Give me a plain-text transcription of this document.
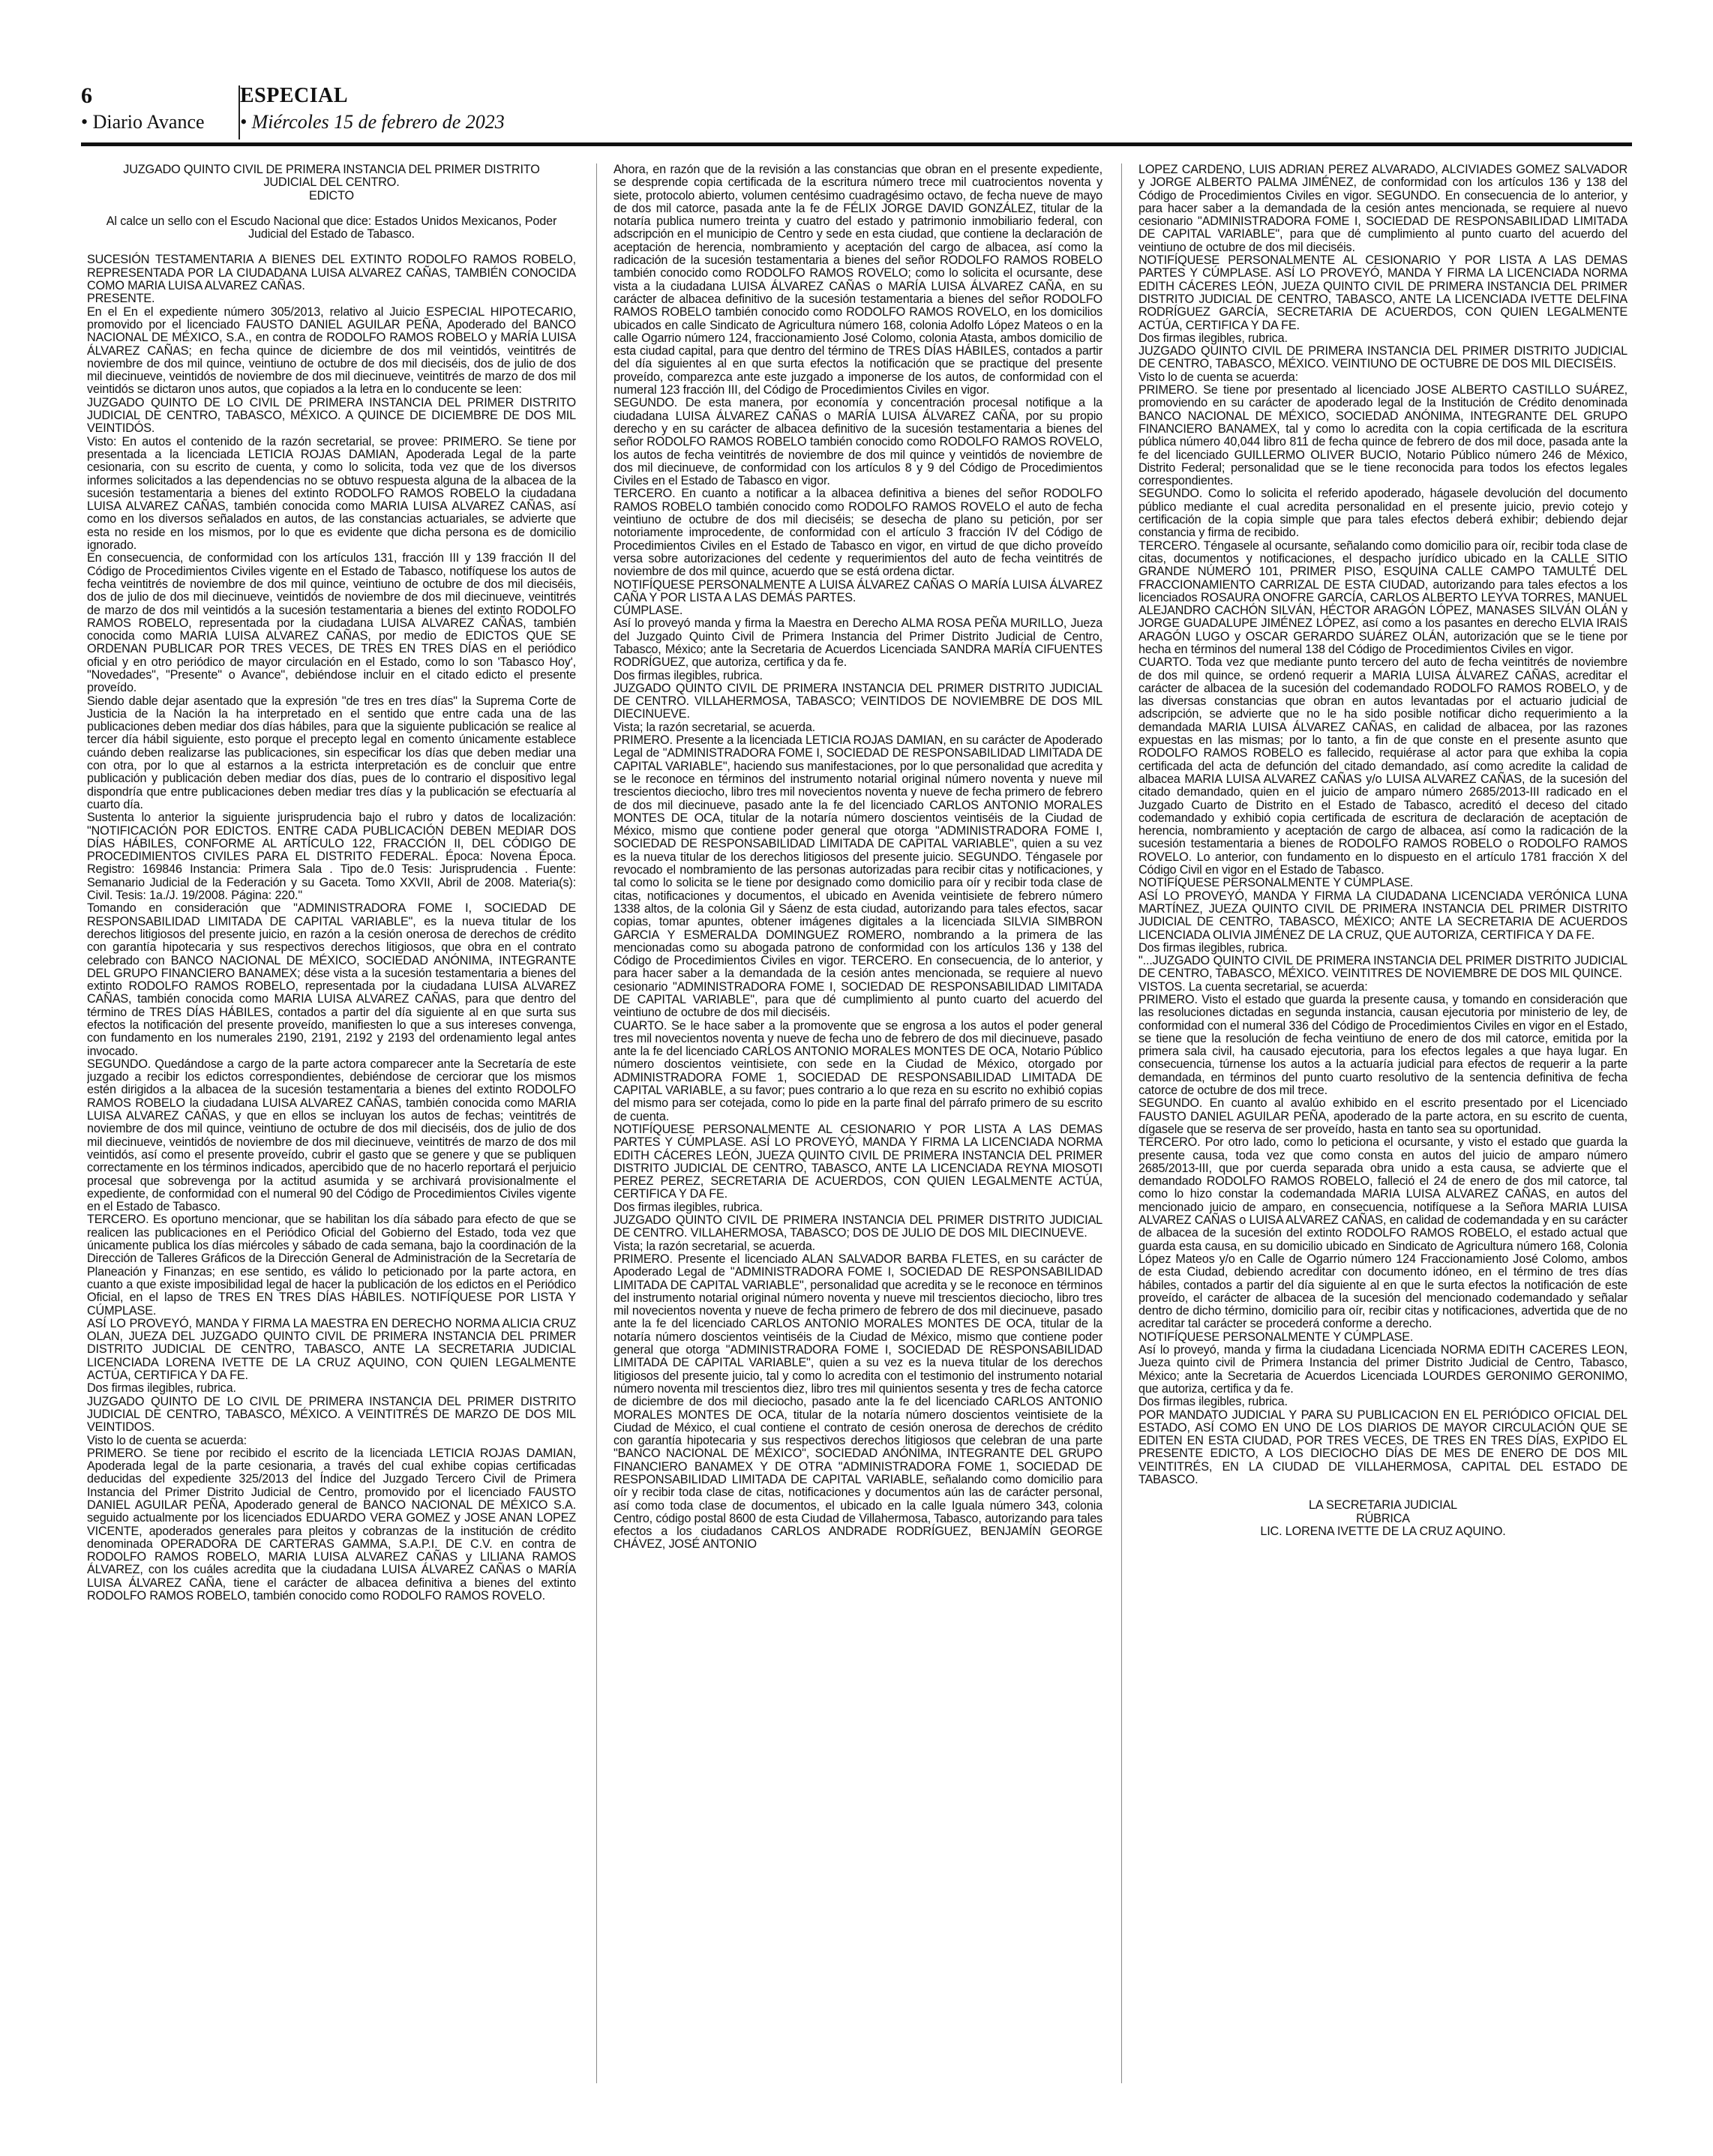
6
• Diario Avance
ESPECIAL
• Miércoles 15 de febrero de 2023

JUZGADO QUINTO CIVIL DE PRIMERA INSTANCIA DEL PRIMER DISTRITO

JUDICIAL DEL CENTRO.

EDICTO

Al calce un sello con el Escudo Nacional que dice: Estados Unidos Mexicanos, Poder Judicial del Estado de Tabasco.

SUCESIÓN TESTAMENTARIA A BIENES DEL EXTINTO RODOLFO RAMOS ROBELO, REPRESENTADA POR LA CIUDADANA LUISA ALVAREZ CAÑAS, TAMBIÉN CONOCIDA COMO MARIA LUISA ALVAREZ CAÑAS.

PRESENTE.

En el En el expediente número 305/2013, relativo al Juicio ESPECIAL HIPOTECARIO, promovido por el licenciado FAUSTO DANIEL AGUILAR PEÑA, Apoderado del BANCO NACIONAL DE MÉXICO, S.A., en contra de RODOLFO RAMOS ROBELO y MARÍA LUISA ÁLVAREZ CAÑAS; en fecha quince de diciembre de dos mil veintidós, veintitrés de noviembre de dos mil quince, veintiuno de octubre de dos mil dieciséis, dos de julio de dos mil diecinueve, veintidós de noviembre de dos mil diecinueve, veintitrés de marzo de dos mil veintidós se dictaron unos autos, que copiados a la letra en lo conducente se leen:

JUZGADO QUINTO DE LO CIVIL DE PRIMERA INSTANCIA DEL PRIMER DISTRITO JUDICIAL DE CENTRO, TABASCO, MÉXICO. A QUINCE DE DICIEMBRE DE DOS MIL VEINTIDÓS.

Visto: En autos el contenido de la razón secretarial, se provee: PRIMERO. Se tiene por presentada a la licenciada LETICIA ROJAS DAMIAN, Apoderada Legal de la parte cesionaria, con su escrito de cuenta, y como lo solicita, toda vez que de los diversos informes solicitados a las dependencias no se obtuvo respuesta alguna de la albacea de la sucesión testamentaria a bienes del extinto RODOLFO RAMOS ROBELO la ciudadana LUISA ALVAREZ CAÑAS, también conocida como MARIA LUISA ALVAREZ CAÑAS, así como en los diversos señalados en autos, de las constancias actuariales, se advierte que esta no reside en los mismos, por lo que es evidente que dicha persona es de domicilio ignorado.

En consecuencia, de conformidad con los artículos 131, fracción III y 139 fracción II del Código de Procedimientos Civiles vigente en el Estado de Tabasco, notifíquese los autos de fecha veintitrés de noviembre de dos mil quince, veintiuno de octubre de dos mil dieciséis, dos de julio de dos mil diecinueve, veintidós de noviembre de dos mil diecinueve, veintitrés de marzo de dos mil veintidós a la sucesión testamentaria a bienes del extinto RODOLFO RAMOS ROBELO, representada por la ciudadana LUISA ALVAREZ CAÑAS, también conocida como MARIA LUISA ALVAREZ CAÑAS, por medio de EDICTOS QUE SE ORDENAN PUBLICAR POR TRES VECES, DE TRES EN TRES DÍAS en el periódico oficial y en otro periódico de mayor circulación en el Estado, como lo son 'Tabasco Hoy', "Novedades", "Presente" o Avance", debiéndose incluir en el citado edicto el presente proveído.

Siendo dable dejar asentado que la expresión "de tres en tres días" la Suprema Corte de Justicia de la Nación la ha interpretado en el sentido que entre cada una de las publicaciones deben mediar dos días hábiles, para que la siguiente publicación se realice al tercer día hábil siguiente, esto porque el precepto legal en comento únicamente establece cuándo deben realizarse las publicaciones, sin especificar los días que deben mediar una con otra, por lo que al estarnos a la estricta interpretación es de concluir que entre publicación y publicación deben mediar dos días, pues de lo contrario el dispositivo legal dispondría que entre publicaciones deben mediar tres días y la publicación se efectuaría al cuarto día.

Sustenta lo anterior la siguiente jurisprudencia bajo el rubro y datos de localización: "NOTIFICACIÓN POR EDICTOS. ENTRE CADA PUBLICACIÓN DEBEN MEDIAR DOS DÍAS HÁBILES, CONFORME AL ARTÍCULO 122, FRACCIÓN II, DEL CÓDIGO DE PROCEDIMIENTOS CIVILES PARA EL DISTRITO FEDERAL. Época: Novena Época. Registro: 169846 Instancia: Primera Sala . Tipo de.0 Tesis: Jurisprudencia . Fuente: Semanario Judicial de la Federación y su Gaceta. Tomo XXVII, Abril de 2008. Materia(s): Civil. Tesis: 1a./J. 19/2008. Página: 220."

Tomando en consideración que "ADMINISTRADORA FOME I, SOCIEDAD DE RESPONSABILIDAD LIMITADA DE CAPITAL VARIABLE", es la nueva titular de los derechos litigiosos del presente juicio, en razón a la cesión onerosa de derechos de crédito con garantía hipotecaria y sus respectivos derechos litigiosos, que obra en el contrato celebrado con BANCO NACIONAL DE MÉXICO, SOCIEDAD ANÓNIMA, INTEGRANTE DEL GRUPO FINANCIERO BANAMEX; dése vista a la sucesión testamentaria a bienes del extinto RODOLFO RAMOS ROBELO, representada por la ciudadana LUISA ALVAREZ CAÑAS, también conocida como MARIA LUISA ALVAREZ CAÑAS, para que dentro del término de TRES DÍAS HÁBILES, contados a partir del día siguiente al en que surta sus efectos la notificación del presente proveído, manifiesten lo que a sus intereses convenga, con fundamento en los numerales 2190, 2191, 2192 y 2193 del ordenamiento legal antes invocado.

SEGUNDO. Quedándose a cargo de la parte actora comparecer ante la Secretaría de este juzgado a recibir los edictos correspondientes, debiéndose de cerciorar que los mismos estén dirigidos a la albacea de la sucesión testamentaria a bienes del extinto RODOLFO RAMOS ROBELO la ciudadana LUISA ALVAREZ CAÑAS, también conocida como MARIA LUISA ALVAREZ CAÑAS, y que en ellos se incluyan los autos de fechas; veintitrés de noviembre de dos mil quince, veintiuno de octubre de dos mil dieciséis, dos de julio de dos mil diecinueve, veintidós de noviembre de dos mil diecinueve, veintitrés de marzo de dos mil veintidós, así como el presente proveído, cubrir el gasto que se genere y que se publiquen correctamente en los términos indicados, apercibido que de no hacerlo reportará el perjuicio procesal que sobrevenga por la actitud asumida y se archivará provisionalmente el expediente, de conformidad con el numeral 90 del Código de Procedimientos Civiles vigente en el Estado de Tabasco.

TERCERO. Es oportuno mencionar, que se habilitan los día sábado para efecto de que se realicen las publicaciones en el Periódico Oficial del Gobierno del Estado, toda vez que únicamente publica los días miércoles y sábado de cada semana, bajo la coordinación de la Dirección de Talleres Gráficos de la Dirección General de Administración de la Secretaría de Planeación y Finanzas; en ese sentido, es válido lo peticionado por la parte actora, en cuanto a que existe imposibilidad legal de hacer la publicación de los edictos en el Periódico Oficial, en el lapso de TRES EN TRES DÍAS HÁBILES. NOTIFÍQUESE POR LISTA Y CÚMPLASE.

ASÍ LO PROVEYÓ, MANDA Y FIRMA LA MAESTRA EN DERECHO NORMA ALICIA CRUZ OLAN, JUEZA DEL JUZGADO QUINTO CIVIL DE PRIMERA INSTANCIA DEL PRIMER DISTRITO JUDICIAL DE CENTRO, TABASCO, ANTE LA SECRETARIA JUDICIAL LICENCIADA LORENA IVETTE DE LA CRUZ AQUINO, CON QUIEN LEGALMENTE ACTÚA, CERTIFICA Y DA FE.

Dos firmas ilegibles, rubrica.

JUZGADO QUINTO DE LO CIVIL DE PRIMERA INSTANCIA DEL PRIMER DISTRITO JUDICIAL DE CENTRO, TABASCO, MÉXICO. A VEINTITRÉS DE MARZO DE DOS MIL VEINTIDOS.

Visto lo de cuenta se acuerda:

PRIMERO. Se tiene por recibido el escrito de la licenciada LETICIA ROJAS DAMIAN, Apoderada legal de la parte cesionaria, a través del cual exhibe copias certificadas deducidas del expediente 325/2013 del Índice del Juzgado Tercero Civil de Primera Instancia del Primer Distrito Judicial de Centro, promovido por el licenciado FAUSTO DANIEL AGUILAR PEÑA, Apoderado general de BANCO NACIONAL DE MÉXICO S.A. seguido actualmente por los licenciados EDUARDO VERA GOMEZ y JOSE ANAN LOPEZ VICENTE, apoderados generales para pleitos y cobranzas de la institución de crédito denominada OPERADORA DE CARTERAS GAMMA, S.A.P.I. DE C.V. en contra de RODOLFO RAMOS ROBELO, MARIA LUISA ALVAREZ CAÑAS y LILIANA RAMOS ÁLVAREZ, con los cuáles acredita que la ciudadana LUISA ÁLVAREZ CAÑAS o MARÍA LUISA ÁLVAREZ CAÑA, tiene el carácter de albacea definitiva a bienes del extinto RODOLFO RAMOS ROBELO, también conocido como RODOLFO RAMOS ROVELO.

Ahora, en razón que de la revisión a las constancias que obran en el presente expediente, se desprende copia certificada de la escritura número trece mil cuatrocientos noventa y siete, protocolo abierto, volumen centésimo cuadragésimo octavo, de fecha nueve de mayo de dos mil catorce, pasada ante la fe de FÉLIX JORGE DAVID GONZÁLEZ, titular de la notaría publica numero treinta y cuatro del estado y patrimonio inmobiliario federal, con adscripción en el municipio de Centro y sede en esta ciudad, que contiene la declaración de aceptación de herencia, nombramiento y aceptación del cargo de albacea, así como la radicación de la sucesión testamentaria a bienes del señor RODOLFO RAMOS ROBELO también conocido como RODOLFO RAMOS ROVELO; como lo solicita el ocursante, dese vista a la ciudadana LUISA ÁLVAREZ CAÑAS o MARÍA LUISA ÁLVAREZ CAÑA, en su carácter de albacea definitivo de la sucesión testamentaria a bienes del señor RODOLFO RAMOS ROBELO también conocido como RODOLFO RAMOS ROVELO, en los domicilios ubicados en calle Sindicato de Agricultura número 168, colonia Adolfo López Mateos o en la calle Ogarrio número 124, fraccionamiento José Colomo, colonia Atasta, ambos domicilio de esta ciudad capital, para que dentro del término de TRES DÍAS HÁBILES, contados a partir del día siguientes al en que surta efectos la notificación que se practique del presente proveído, comparezca ante este juzgado a imponerse de los autos, de conformidad con el numeral 123 fracción III, del Código de Procedimientos Civiles en vigor.

SEGUNDO. De esta manera, por economía y concentración procesal notifique a la ciudadana LUISA ÁLVAREZ CAÑAS o MARÍA LUISA ÁLVAREZ CAÑA, por su propio derecho y en su carácter de albacea definitivo de la sucesión testamentaria a bienes del señor RODOLFO RAMOS ROBELO también conocido como RODOLFO RAMOS ROVELO, los autos de fecha veintitrés de noviembre de dos mil quince y veintidós de noviembre de dos mil diecinueve, de conformidad con los artículos 8 y 9 del Código de Procedimientos Civiles en el Estado de Tabasco en vigor.

TERCERO. En cuanto a notificar a la albacea definitiva a bienes del señor RODOLFO RAMOS ROBELO también conocido como RODOLFO RAMOS ROVELO el auto de fecha veintiuno de octubre de dos mil dieciséis; se desecha de plano su petición, por ser notoriamente improcedente, de conformidad con el artículo 3 fracción IV del Código de Procedimientos Civiles en el Estado de Tabasco en vigor, en virtud de que dicho proveído versa sobre autorizaciones del cedente y requerimientos del auto de fecha veintitrés de noviembre de dos mil quince, acuerdo que se está ordena dictar.

NOTIFÍQUESE PERSONALMENTE A LUISA ÁLVAREZ CAÑAS O MARÍA LUISA ÁLVAREZ CAÑA Y POR LISTA A LAS DEMÁS PARTES.

CÚMPLASE.

Así lo proveyó manda y firma la Maestra en Derecho ALMA ROSA PEÑA MURILLO, Jueza del Juzgado Quinto Civil de Primera Instancia del Primer Distrito Judicial de Centro, Tabasco, México; ante la Secretaria de Acuerdos Licenciada SANDRA MARÍA CIFUENTES RODRÍGUEZ, que autoriza, certifica y da fe.

Dos firmas ilegibles, rubrica.

JUZGADO QUINTO CIVIL DE PRIMERA INSTANCIA DEL PRIMER DISTRITO JUDICIAL DE CENTRO. VILLAHERMOSA, TABASCO; VEINTIDOS DE NOVIEMBRE DE DOS MIL DIECINUEVE.

Vista; la razón secretarial, se acuerda.

PRIMERO. Presente a la licenciada LETICIA ROJAS DAMIAN, en su carácter de Apoderado Legal de "ADMINISTRADORA FOME I, SOCIEDAD DE RESPONSABILIDAD LIMITADA DE CAPITAL VARIABLE", haciendo sus manifestaciones, por lo que personalidad que acredita y se le reconoce en términos del instrumento notarial original número noventa y nueve mil trescientos dieciocho, libro tres mil novecientos noventa y nueve de fecha primero de febrero de dos mil diecinueve, pasado ante la fe del licenciado CARLOS ANTONIO MORALES MONTES DE OCA, titular de la notaría número doscientos veintiséis de la Ciudad de México, mismo que contiene poder general que otorga "ADMINISTRADORA FOME I, SOCIEDAD DE RESPONSABILIDAD LIMITADA DE CAPITAL VARIABLE", quien a su vez es la nueva titular de los derechos litigiosos del presente juicio. SEGUNDO. Téngasele por revocado el nombramiento de las personas autorizadas para recibir citas y notificaciones, y tal como lo solicita se le tiene por designado como domicilio para oír y recibir toda clase de citas, notificaciones y documentos, el ubicado en Avenida veintisiete de febrero número 1338 altos, de la colonia Gil y Sáenz de esta ciudad, autorizando para tales efectos, sacar copias, tomar apuntes, obtener imágenes digitales a la licenciada SILVIA SIMBRON GARCIA Y ESMERALDA DOMINGUEZ ROMERO, nombrando a la primera de las mencionadas como su abogada patrono de conformidad con los artículos 136 y 138 del Código de Procedimientos Civiles en vigor. TERCERO. En consecuencia, de lo anterior, y para hacer saber a la demandada de la cesión antes mencionada, se requiere al nuevo cesionario "ADMINISTRADORA FOME I, SOCIEDAD DE RESPONSABILIDAD LIMITADA DE CAPITAL VARIABLE", para que dé cumplimiento al punto cuarto del acuerdo del veintiuno de octubre de dos mil dieciséis.

CUARTO. Se le hace saber a la promovente que se engrosa a los autos el poder general tres mil novecientos noventa y nueve de fecha uno de febrero de dos mil diecinueve, pasado ante la fe del licenciado CARLOS ANTONIO MORALES MONTES DE OCA, Notario Público número doscientos veintisiete, con sede en la Ciudad de México, otorgado por ADMINISTRADORA FOME 1, SOCIEDAD DE RESPONSABILIDAD LIMITADA DE CAPITAL VARIABLE, a su favor; pues contrario a lo que reza en su escrito no exhibió copias del mismo para ser cotejada, como lo pide en la parte final del párrafo primero de su escrito de cuenta.

NOTIFÍQUESE PERSONALMENTE AL CESIONARIO Y POR LISTA A LAS DEMAS PARTES Y CÚMPLASE. ASÍ LO PROVEYÓ, MANDA Y FIRMA LA LICENCIADA NORMA EDITH CÁCERES LEÓN, JUEZA QUINTO CIVIL DE PRIMERA INSTANCIA DEL PRIMER DISTRITO JUDICIAL DE CENTRO, TABASCO, ANTE LA LICENCIADA REYNA MIOSOTI PEREZ PEREZ, SECRETARIA DE ACUERDOS, CON QUIEN LEGALMENTE ACTÚA, CERTIFICA Y DA FE.

Dos firmas ilegibles, rubrica.

JUZGADO QUINTO CIVIL DE PRIMERA INSTANCIA DEL PRIMER DISTRITO JUDICIAL DE CENTRO. VILLAHERMOSA, TABASCO; DOS DE JULIO DE DOS MIL DIECINUEVE.

Vista; la razón secretarial, se acuerda.

PRIMERO. Presente el licenciado ALAN SALVADOR BARBA FLETES, en su carácter de Apoderado Legal de "ADMINISTRADORA FOME I, SOCIEDAD DE RESPONSABILIDAD LIMITADA DE CAPITAL VARIABLE", personalidad que acredita y se le reconoce en términos del instrumento notarial original número noventa y nueve mil trescientos dieciocho, libro tres mil novecientos noventa y nueve de fecha primero de febrero de dos mil diecinueve, pasado ante la fe del licenciado CARLOS ANTONIO MORALES MONTES DE OCA, titular de la notaría número doscientos veintiséis de la Ciudad de México, mismo que contiene poder general que otorga "ADMINISTRADORA FOME I, SOCIEDAD DE RESPONSABILIDAD LIMITADA DE CAPITAL VARIABLE", quien a su vez es la nueva titular de los derechos litigiosos del presente juicio, tal y como lo acredita con el testimonio del instrumento notarial número noventa mil trescientos diez, libro tres mil quinientos sesenta y tres de fecha catorce de diciembre de dos mil dieciocho, pasado ante la fe del licenciado CARLOS ANTONIO MORALES MONTES DE OCA, titular de la notaría número doscientos veintisiete de la Ciudad de México, el cual contiene el contrato de cesión onerosa de derechos de crédito con garantía hipotecaria y sus respectivos derechos litigiosos que celebran de una parte "BANCO NACIONAL DE MÉXICO", SOCIEDAD ANÓNIMA, INTEGRANTE DEL GRUPO FINANCIERO BANAMEX Y DE OTRA "ADMINISTRADORA FOME 1, SOCIEDAD DE RESPONSABILIDAD LIMITADA DE CAPITAL VARIABLE, señalando como domicilio para oír y recibir toda clase de citas, notificaciones y documentos aún las de carácter personal, así como toda clase de documentos, el ubicado en la calle Iguala número 343, colonia Centro, código postal 8600 de esta Ciudad de Villahermosa, Tabasco, autorizando para tales efectos a los ciudadanos CARLOS ANDRADE RODRÍGUEZ, BENJAMÍN GEORGE CHÁVEZ, JOSÉ ANTONIO

LÓPEZ CARDEÑO, LUIS ADRIAN PÉREZ ALVARADO, ALCIVIADES GÓMEZ SALVADOR y JORGE ALBERTO PALMA JIMÉNEZ, de conformidad con los artículos 136 y 138 del Código de Procedimientos Civiles en vigor. SEGUNDO. En consecuencia de lo anterior, y para hacer saber a la demandada de la cesión antes mencionada, se requiere al nuevo cesionario "ADMINISTRADORA FOME I, SOCIEDAD DE RESPONSABILIDAD LIMITADA DE CAPITAL VARIABLE", para que dé cumplimiento al punto cuarto del acuerdo del veintiuno de octubre de dos mil dieciséis.

NOTIFÍQUESE PERSONALMENTE AL CESIONARIO Y POR LISTA A LAS DEMAS PARTES Y CÚMPLASE. ASÍ LO PROVEYÓ, MANDA Y FIRMA LA LICENCIADA NORMA EDITH CÁCERES LEÓN, JUEZA QUINTO CIVIL DE PRIMERA INSTANCIA DEL PRIMER DISTRITO JUDICIAL DE CENTRO, TABASCO, ANTE LA LICENCIADA IVETTE DELFINA RODRÍGUEZ GARCÍA, SECRETARIA DE ACUERDOS, CON QUIEN LEGALMENTE ACTÚA, CERTIFICA Y DA FE.

Dos firmas ilegibles, rubrica.

JUZGADO QUINTO CIVIL DE PRIMERA INSTANCIA DEL PRIMER DISTRITO JUDICIAL DE CENTRO, TABASCO, MÉXICO. VEINTIUNO DE OCTUBRE DE DOS MIL DIECISÉIS.

Visto lo de cuenta se acuerda:

PRIMERO. Se tiene por presentado al licenciado JOSE ALBERTO CASTILLO SUÁREZ, promoviendo en su carácter de apoderado legal de la Institución de Crédito denominada BANCO NACIONAL DE MÉXICO, SOCIEDAD ANÓNIMA, INTEGRANTE DEL GRUPO FINANCIERO BANAMEX, tal y como lo acredita con la copia certificada de la escritura pública número 40,044 libro 811 de fecha quince de febrero de dos mil doce, pasada ante la fe del licenciado GUILLERMO OLIVER BUCIO, Notario Público número 246 de México, Distrito Federal; personalidad que se le tiene reconocida para todos los efectos legales correspondientes.

SEGUNDO. Como lo solicita el referido apoderado, hágasele devolución del documento público mediante el cual acredita personalidad en el presente juicio, previo cotejo y certificación de la copia simple que para tales efectos deberá exhibir; debiendo dejar constancia y firma de recibido.

TERCERO. Téngasele al ocursante, señalando como domicilio para oír, recibir toda clase de citas, documentos y notificaciones, el despacho jurídico ubicado en la CALLE SITIO GRANDE NÚMERO 101, PRIMER PISO, ESQUINA CALLE CAMPO TAMULTÉ DEL FRACCIONAMIENTO CARRIZAL DE ESTA CIUDAD, autorizando para tales efectos a los licenciados ROSAURA ONOFRE GARCÍA, CARLOS ALBERTO LEYVA TORRES, MANUEL ALEJANDRO CACHÓN SILVÁN, HÉCTOR ARAGÓN LÓPEZ, MANASES SILVÁN OLÁN y JORGE GUADALUPE JIMÉNEZ LÓPEZ, así como a los pasantes en derecho ELVIA IRAIS ARAGÓN LUGO y OSCAR GERARDO SUÁREZ OLÁN, autorización que se le tiene por hecha en términos del numeral 138 del Código de Procedimientos Civiles en vigor.

CUARTO. Toda vez que mediante punto tercero del auto de fecha veintitrés de noviembre de dos mil quince, se ordenó requerir a MARIA LUISA ÁLVAREZ CAÑAS, acreditar el carácter de albacea de la sucesión del codemandado RODOLFO RAMOS ROBELO, y de las diversas constancias que obran en autos levantadas por el actuario judicial de adscripción, se advierte que no le ha sido posible notificar dicho requerimiento a la demandada MARIA LUISA ÁLVAREZ CAÑAS, en calidad de albacea, por las razones expuestas en las mismas; por lo tanto, a fin de que conste en el presente asunto que RODOLFO RAMOS ROBELO es fallecido, requiérase al actor para que exhiba la copia certificada del acta de defunción del citado demandado, así como acredite la calidad de albacea MARIA LUISA ALVAREZ CAÑAS y/o LUISA ALVAREZ CAÑAS, de la sucesión del citado demandado, quien en el juicio de amparo número 2685/2013-III radicado en el Juzgado Cuarto de Distrito en el Estado de Tabasco, acreditó el deceso del citado codemandado y exhibió copia certificada de escritura de declaración de aceptación de herencia, nombramiento y aceptación de cargo de albacea, así como la radicación de la sucesión testamentaria a bienes de RODOLFO RAMOS ROBELO o RODOLFO RAMOS ROVELO. Lo anterior, con fundamento en lo dispuesto en el artículo 1781 fracción X del Código Civil en vigor en el Estado de Tabasco.

NOTIFÍQUESE PERSONALMENTE Y CÚMPLASE.

ASÍ LO PROVEYÓ, MANDA Y FIRMA LA CIUDADANA LICENCIADA VERÓNICA LUNA MARTÍNEZ, JUEZA QUINTO CIVIL DE PRIMERA INSTANCIA DEL PRIMER DISTRITO JUDICIAL DE CENTRO, TABASCO, MÉXICO; ANTE LA SECRETARIA DE ACUERDOS LICENCIADA OLIVIA JIMÉNEZ DE LA CRUZ, QUE AUTORIZA, CERTIFICA Y DA FE.

Dos firmas ilegibles, rubrica.

"...JUZGADO QUINTO CIVIL DE PRIMERA INSTANCIA DEL PRIMER DISTRITO JUDICIAL DE CENTRO, TABASCO, MÉXICO. VEINTITRES DE NOVIEMBRE DE DOS MIL QUINCE.

VISTOS. La cuenta secretarial, se acuerda:

PRIMERO. Visto el estado que guarda la presente causa, y tomando en consideración que las resoluciones dictadas en segunda instancia, causan ejecutoria por ministerio de ley, de conformidad con el numeral 336 del Código de Procedimientos Civiles en vigor en el Estado, se tiene que la resolución de fecha veintiuno de enero de dos mil catorce, emitida por la primera sala civil, ha causado ejecutoria, para los efectos legales a que haya lugar. En consecuencia, túrnense los autos a la actuaría judicial para efectos de requerir a la parte demandada, en términos del punto cuarto resolutivo de la sentencia definitiva de fecha catorce de octubre de dos mil trece.

SEGUNDO. En cuanto al avalúo exhibido en el escrito presentado por el Licenciado FAUSTO DANIEL AGUILAR PEÑA, apoderado de la parte actora, en su escrito de cuenta, dígasele que se reserva de ser proveído, hasta en tanto sea su oportunidad.

TERCERO. Por otro lado, como lo peticiona el ocursante, y visto el estado que guarda la presente causa, toda vez que como consta en autos del juicio de amparo número 2685/2013-III, que por cuerda separada obra unido a esta causa, se advierte que el demandado RODOLFO RAMOS ROBELO, falleció el 24 de enero de dos mil catorce, tal como lo hizo constar la codemandada MARIA LUISA ALVAREZ CAÑAS, en autos del mencionado juicio de amparo, en consecuencia, notifíquese a la Señora MARIA LUISA ALVAREZ CAÑAS o LUISA ALVAREZ CAÑAS, en calidad de codemandada y en su carácter de albacea de la sucesión del extinto RODOLFO RAMOS ROBELO, el estado actual que guarda esta causa, en su domicilio ubicado en Sindicato de Agricultura número 168, Colonia López Mateos y/o en Calle de Ogarrio número 124 Fraccionamiento José Colomo, ambos de esta Ciudad, debiendo acreditar con documento idóneo, en el término de tres días hábiles, contados a partir del día siguiente al en que le surta efectos la notificación de este proveído, el carácter de albacea de la sucesión del mencionado codemandado y señalar dentro de dicho término, domicilio para oír, recibir citas y notificaciones, advertida que de no acreditar tal carácter se procederá conforme a derecho.

NOTIFÍQUESE PERSONALMENTE Y CÚMPLASE.

Así lo proveyó, manda y firma la ciudadana Licenciada NORMA EDITH CACERES LEON, Jueza quinto civil de Primera Instancia del primer Distrito Judicial de Centro, Tabasco, México; ante la Secretaria de Acuerdos Licenciada LOURDES GERONIMO GERONIMO, que autoriza, certifica y da fe.

Dos firmas ilegibles, rubrica.

POR MANDATO JUDICIAL Y PARA SU PUBLICACION EN EL PERIÓDICO OFICIAL DEL ESTADO, ASÍ COMO EN UNO DE LOS DIARIOS DE MAYOR CIRCULACIÓN QUE SE EDITEN EN ESTA CIUDAD, POR TRES VECES, DE TRES EN TRES DÍAS, EXPIDO EL PRESENTE EDICTO, A LOS DIECIOCHO DÍAS DE MES DE ENERO DE DOS MIL VEINTITRÉS, EN LA CIUDAD DE VILLAHERMOSA, CAPITAL DEL ESTADO DE TABASCO.

LA SECRETARIA JUDICIAL

RÚBRICA

LIC. LORENA IVETTE DE LA CRUZ AQUINO.
